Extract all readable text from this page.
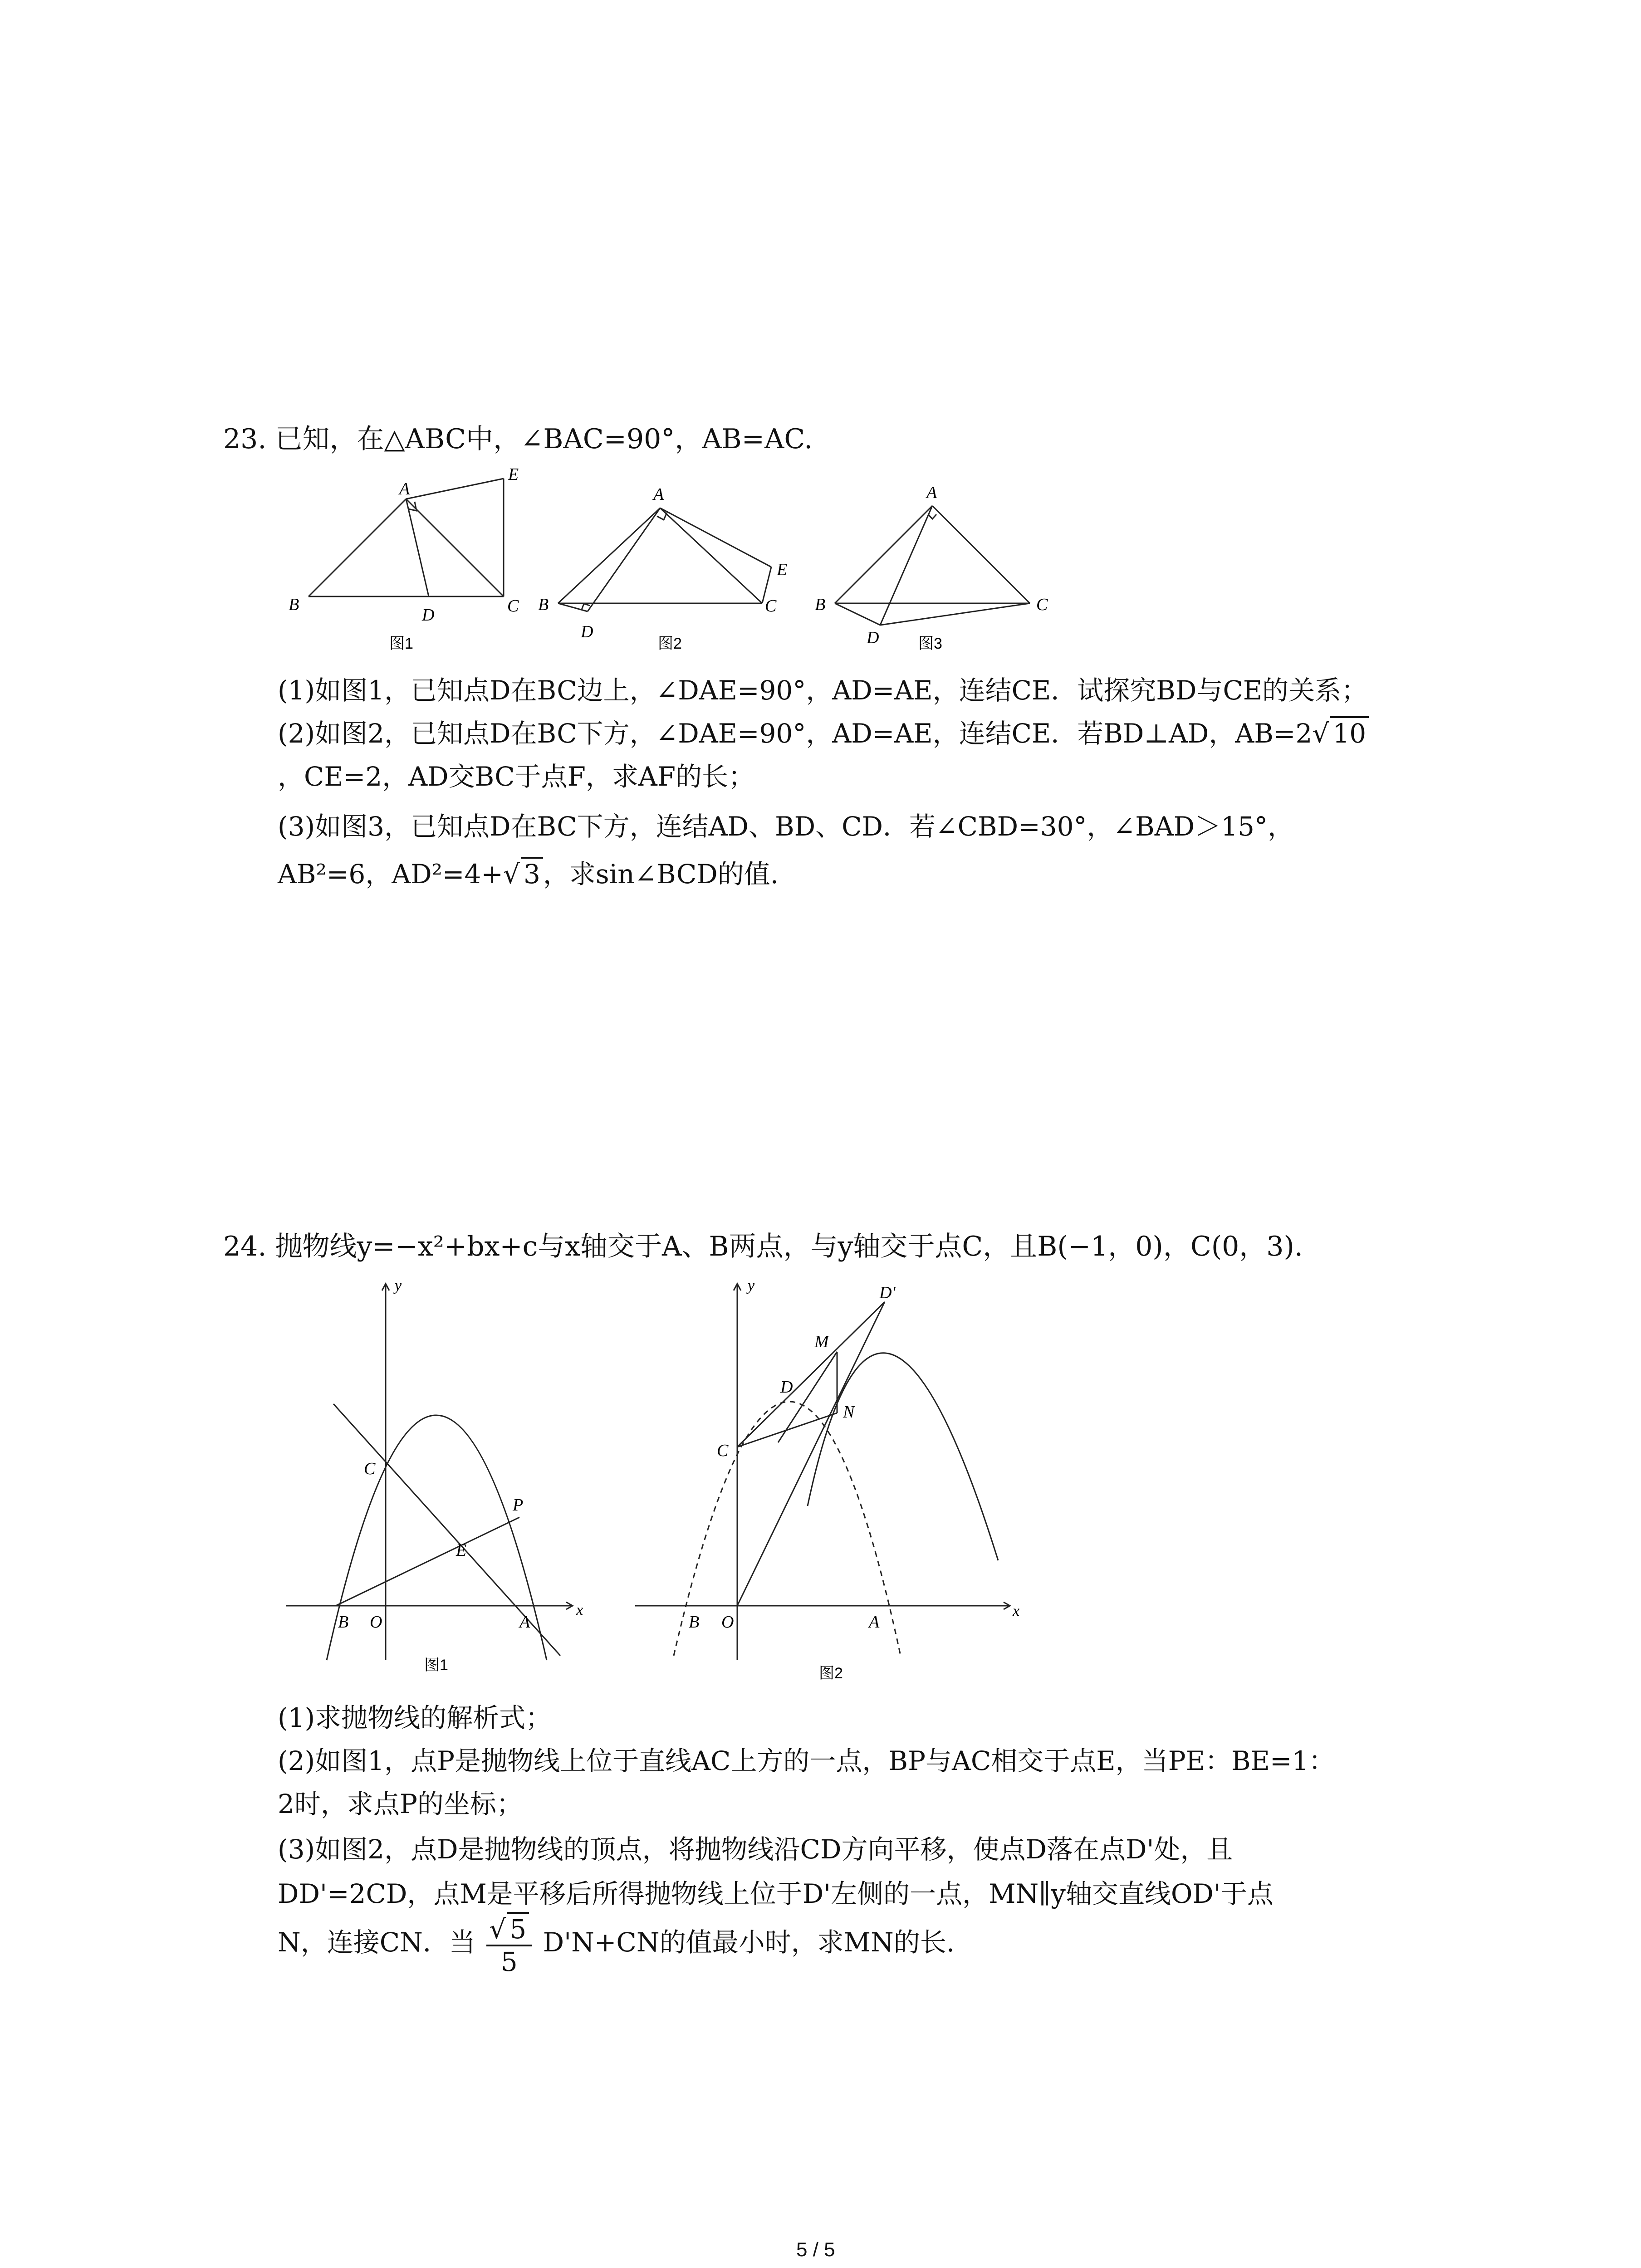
23. 已知，在△ABC中，∠BAC=90°，AB=AC.
A
B	C
D
E
图1
A
B	C
D
E
图2
A
B	C
D	图3
(1)如图1，已知点D在BC边上，∠DAE=90°，AD=AE，连结CE．试探究BD与CE的关系；
(2)如图2，已知点D在BC下方，∠DAE=90°，AD=AE，连结CE．若BD⊥AD，AB=2√ 10
，CE=2，AD交BC于点F，求AF的长；
(3)如图3，已知点D在BC下方，连结AD、BD、CD．若∠CBD=30°，∠BAD＞15°，
AB²=6，AD²=4+√ 3 ，求sin∠BCD的值.
24. 抛物线y=−x²+bx+c与x轴交于A、B两点，与y轴交于点C，且B(−1，0)，C(0，3).
y
x
C
P
E
B O	A
图1
y
x
D'
M
D
N
C
B O	A
图2
(1)求抛物线的解析式；
(2)如图1，点P是抛物线上位于直线AC上方的一点，BP与AC相交于点E，当PE：BE=1：
2时，求点P的坐标；
(3)如图2，点D是抛物线的顶点，将抛物线沿CD方向平移，使点D落在点D'处，且
DD'=2CD，点M是平移后所得抛物线上位于D'左侧的一点，MN∥y轴交直线OD'于点
N，连接CN．当 $\frac{√ 5}{5} D'N+CN$的值最小时，求MN的长.
5 / 5
